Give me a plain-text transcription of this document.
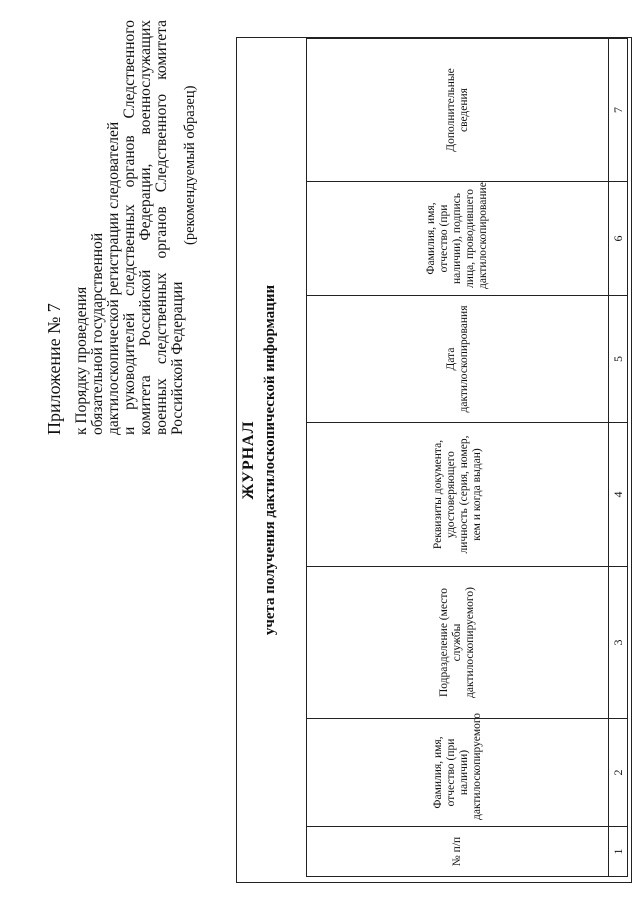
Приложение № 7 к Порядку проведения обязательной государственной дактилоскопической регистрации следователей и руководителей следственных органов Следственного комитета Российской Федерации, военнослужащих военных следственных органов Следственного комитета Российской Федерации
(рекомендуемый образец)
ЖУРНАЛ учета получения дактилоскопической информации
№ п/п	Фамилия, имя, отчество (при наличии) дактилоскопируемого	Подразделение (место службы дактилоскопируемого)	Реквизиты документа, удостоверяющего личность (серия, номер, кем и когда выдан)	Дата дактилоскопирования	Фамилия, имя, отчество (при наличии), подпись лица, проводившего дактилоскопирование	Дополнительные сведения
1	2	3	4	5	6	7
